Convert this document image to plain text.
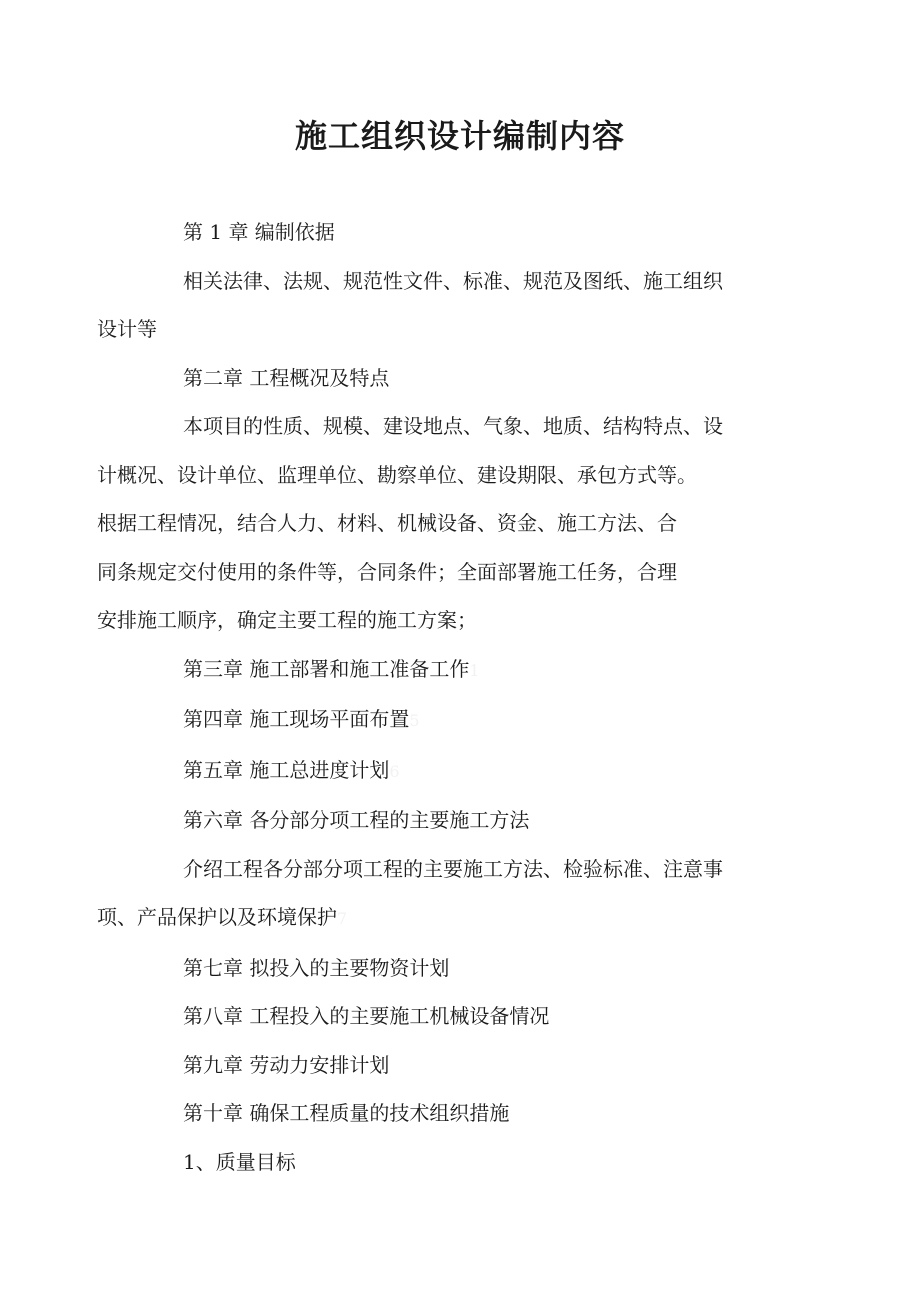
施工组织设计编制内容

第 1 章 编制依据

相关法律、法规、规范性文件、标准、规范及图纸、施工组织
设计等

第二章 工程概况及特点

本项目的性质、规模、建设地点、气象、地质、结构特点、设
计概况、设计单位、监理单位、勘察单位、建设期限、承包方式等。
根据工程情况，结合人力、材料、机械设备、资金、施工方法、合
同条规定交付使用的条件等，合同条件；全面部署施工任务，合理
安排施工顺序，确定主要工程的施工方案；

第三章 施工部署和施工准备工作1

第四章 施工现场平面布置5

第五章 施工总进度计划6

第六章 各分部分项工程的主要施工方法

介绍工程各分部分项工程的主要施工方法、检验标准、注意事
项、产品保护以及环境保护7

第七章 拟投入的主要物资计划

第八章 工程投入的主要施工机械设备情况

第九章 劳动力安排计划

第十章 确保工程质量的技术组织措施

1、质量目标
